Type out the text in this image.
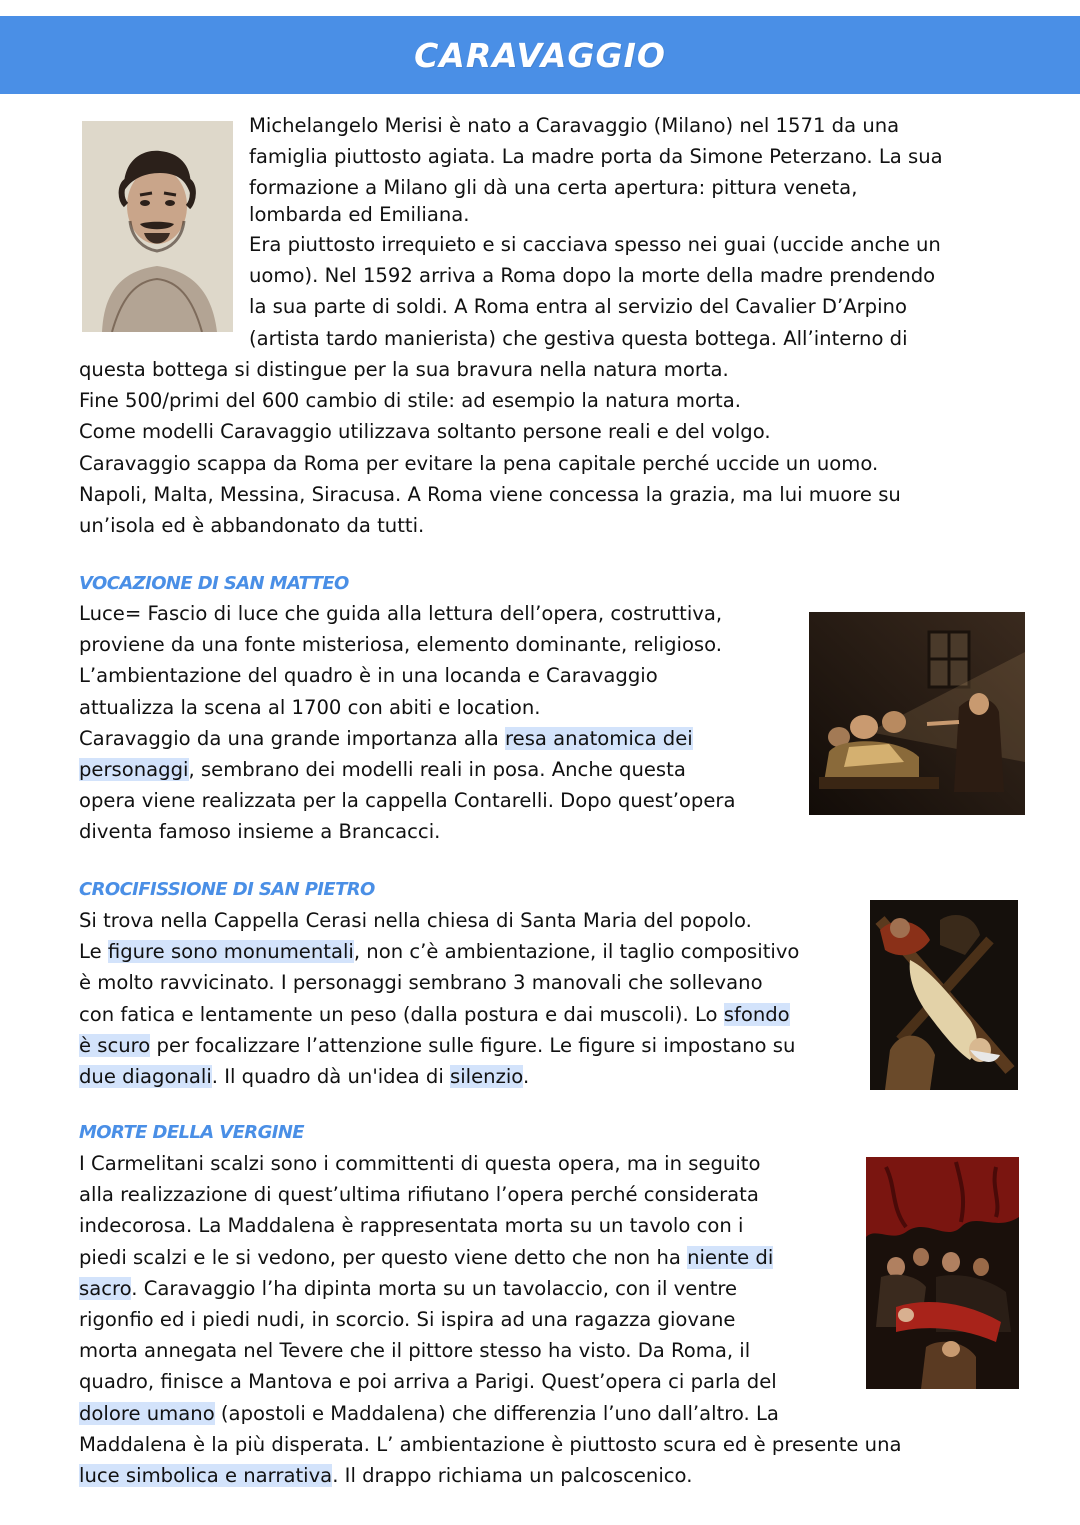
CARAVAGGIO
Michelangelo Merisi è nato a Caravaggio (Milano) nel 1571 da una
famiglia piuttosto agiata. La madre porta da Simone Peterzano. La sua
formazione a Milano gli dà una certa apertura: pittura veneta,
lombarda ed Emiliana.
Era piuttosto irrequieto e si cacciava spesso nei guai (uccide anche un
uomo). Nel 1592 arriva a Roma dopo la morte della madre prendendo
la sua parte di soldi. A Roma entra al servizio del Cavalier D’Arpino
(artista tardo manierista) che gestiva questa bottega. All’interno di
questa bottega si distingue per la sua bravura nella natura morta.
Fine 500/primi del 600 cambio di stile: ad esempio la natura morta.
Come modelli Caravaggio utilizzava soltanto persone reali e del volgo.
Caravaggio scappa da Roma per evitare la pena capitale perché uccide un uomo.
Napoli, Malta, Messina, Siracusa. A Roma viene concessa la grazia, ma lui muore su
un’isola ed è abbandonato da tutti.
VOCAZIONE DI SAN MATTEO
Luce= Fascio di luce che guida alla lettura dell’opera, costruttiva,
proviene da una fonte misteriosa, elemento dominante, religioso.
L’ambientazione del quadro è in una locanda e Caravaggio
attualizza la scena al 1700 con abiti e location.
Caravaggio da una grande importanza alla resa anatomica dei
personaggi, sembrano dei modelli reali in posa. Anche questa
opera viene realizzata per la cappella Contarelli. Dopo quest’opera
diventa famoso insieme a Brancacci.
CROCIFISSIONE DI SAN PIETRO
Si trova nella Cappella Cerasi nella chiesa di Santa Maria del popolo.
Le figure sono monumentali, non c’è ambientazione, il taglio compositivo
è molto ravvicinato. I personaggi sembrano 3 manovali che sollevano
con fatica e lentamente un peso (dalla postura e dai muscoli). Lo sfondo
è scuro per focalizzare l’attenzione sulle figure. Le figure si impostano su
due diagonali. Il quadro dà un'idea di silenzio.
MORTE DELLA VERGINE
I Carmelitani scalzi sono i committenti di questa opera, ma in seguito
alla realizzazione di quest’ultima rifiutano l’opera perché considerata
indecorosa. La Maddalena è rappresentata morta su un tavolo con i
piedi scalzi e le si vedono, per questo viene detto che non ha niente di
sacro. Caravaggio l’ha dipinta morta su un tavolaccio, con il ventre
rigonfio ed i piedi nudi, in scorcio. Si ispira ad una ragazza giovane
morta annegata nel Tevere che il pittore stesso ha visto. Da Roma, il
quadro, finisce a Mantova e poi arriva a Parigi. Quest’opera ci parla del
dolore umano (apostoli e Maddalena) che differenzia l’uno dall’altro. La
Maddalena è la più disperata. L’ ambientazione è piuttosto scura ed è presente una
luce simbolica e narrativa. Il drappo richiama un palcoscenico.
